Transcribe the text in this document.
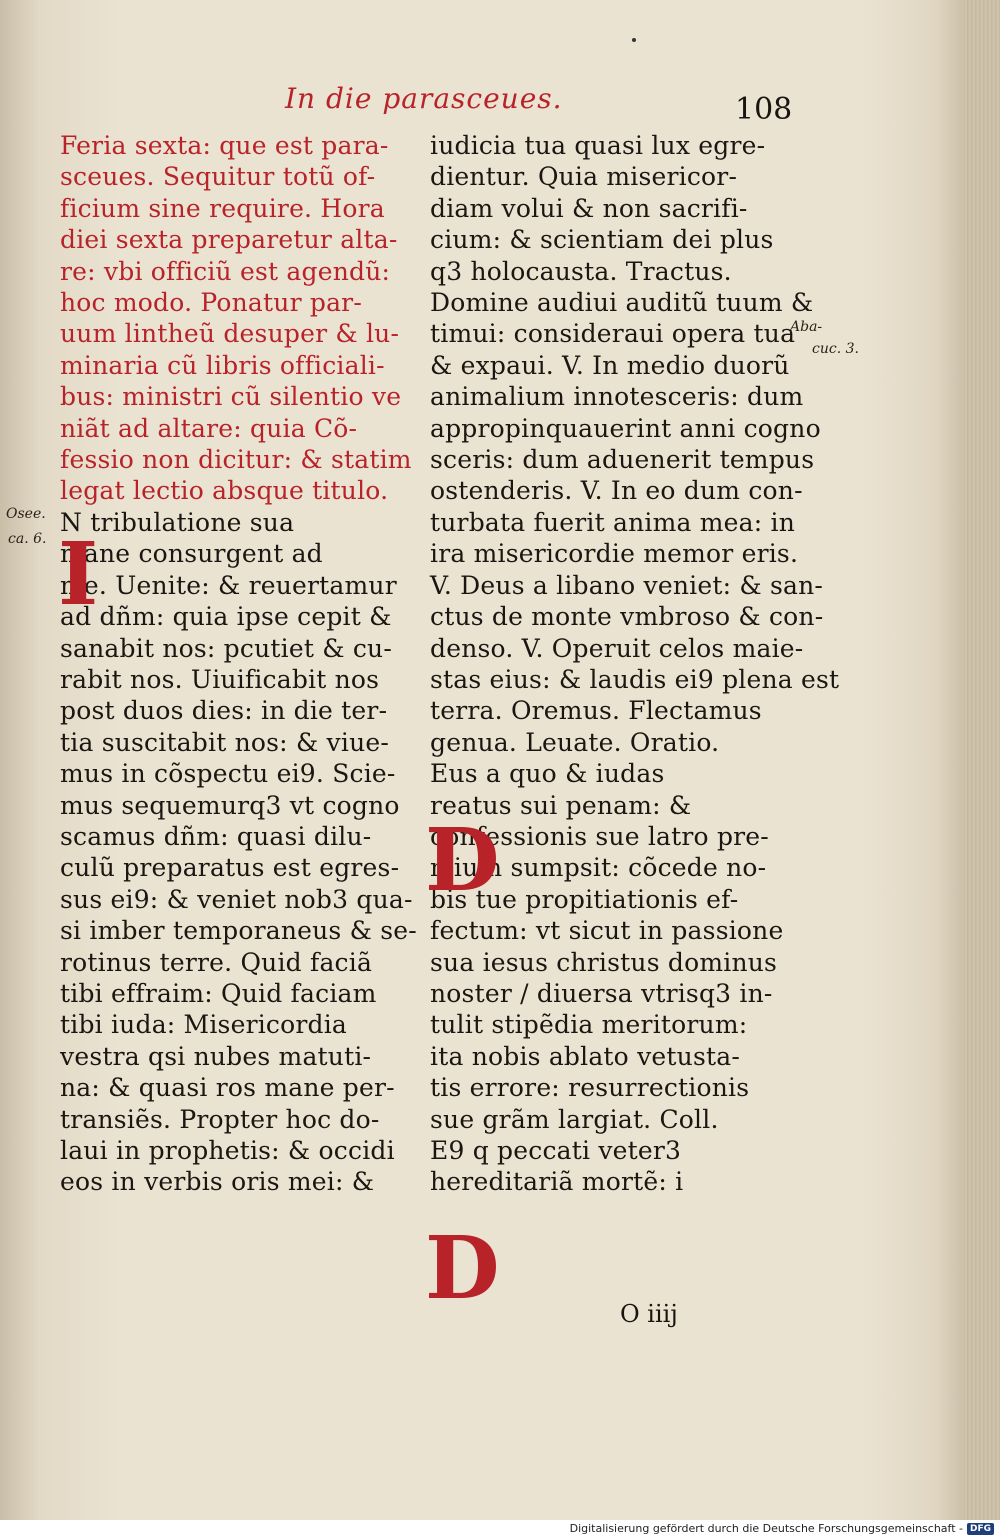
In die parasceues.	108
Osee.
ca. 6.
Aba-
cuc. 3.
Feria sexta: que est para-
sceues. Sequitur totũ of-
ficium sine require. Hora
diei sexta preparetur alta-
re: vbi officiũ est agendũ:
hoc modo. Ponatur par-
uum lintheũ desuper & lu-
minaria cũ libris officiali-
bus: ministri cũ silentio ve
niãt ad altare: quia Cõ-
fessio non dicitur: & statim
legat lectio absque titulo.
N tribulatione sua
mane consurgent ad
me. Uenite: & reuertamur
ad dñm: quia ipse cepit &
sanabit nos: pcutiet & cu-
rabit nos. Uiuificabit nos
post duos dies: in die ter-
tia suscitabit nos: & viue-
mus in cõspectu ei9. Scie-
mus sequemurq3 vt cogno
scamus dñm: quasi dilu-
culũ preparatus est egres-
sus ei9: & veniet nob3 qua-
si imber temporaneus & se-
rotinus terre. Quid faciã
tibi effraim: Quid faciam
tibi iuda: Misericordia
vestra qsi nubes matuti-
na: & quasi ros mane per-
transiẽs. Propter hoc do-
laui in prophetis: & occidi
eos in verbis oris mei: &
iudicia tua quasi lux egre-
dientur. Quia misericor-
diam volui & non sacrifi-
cium: & scientiam dei plus
q3 holocausta. Tractus.
Domine audiui auditũ tuum &
timui: consideraui opera tua
& expaui. V. In medio duorũ
animalium innotesceris: dum
appropinquauerint anni cogno
sceris: dum aduenerit tempus
ostenderis. V. In eo dum con-
turbata fuerit anima mea: in
ira misericordie memor eris.
V. Deus a libano veniet: & san-
ctus de monte vmbroso & con-
denso. V. Operuit celos maie-
stas eius: & laudis ei9 plena est
terra. Oremus. Flectamus
genua. Leuate. Oratio.
Eus a quo & iudas
reatus sui penam: &
confessionis sue latro pre-
mium sumpsit: cõcede no-
bis tue propitiationis ef-
fectum: vt sicut in passione
sua iesus christus dominus
noster / diuersa vtrisq3 in-
tulit stipẽdia meritorum:
ita nobis ablato vetusta-
tis errore: resurrectionis
sue grãm largiat. Coll.
E9 q peccati veter3
hereditariã mortẽ: i
I
D
D	O iiij
Digitalisierung gefördert durch die Deutsche Forschungsgemeinschaft - DFG
